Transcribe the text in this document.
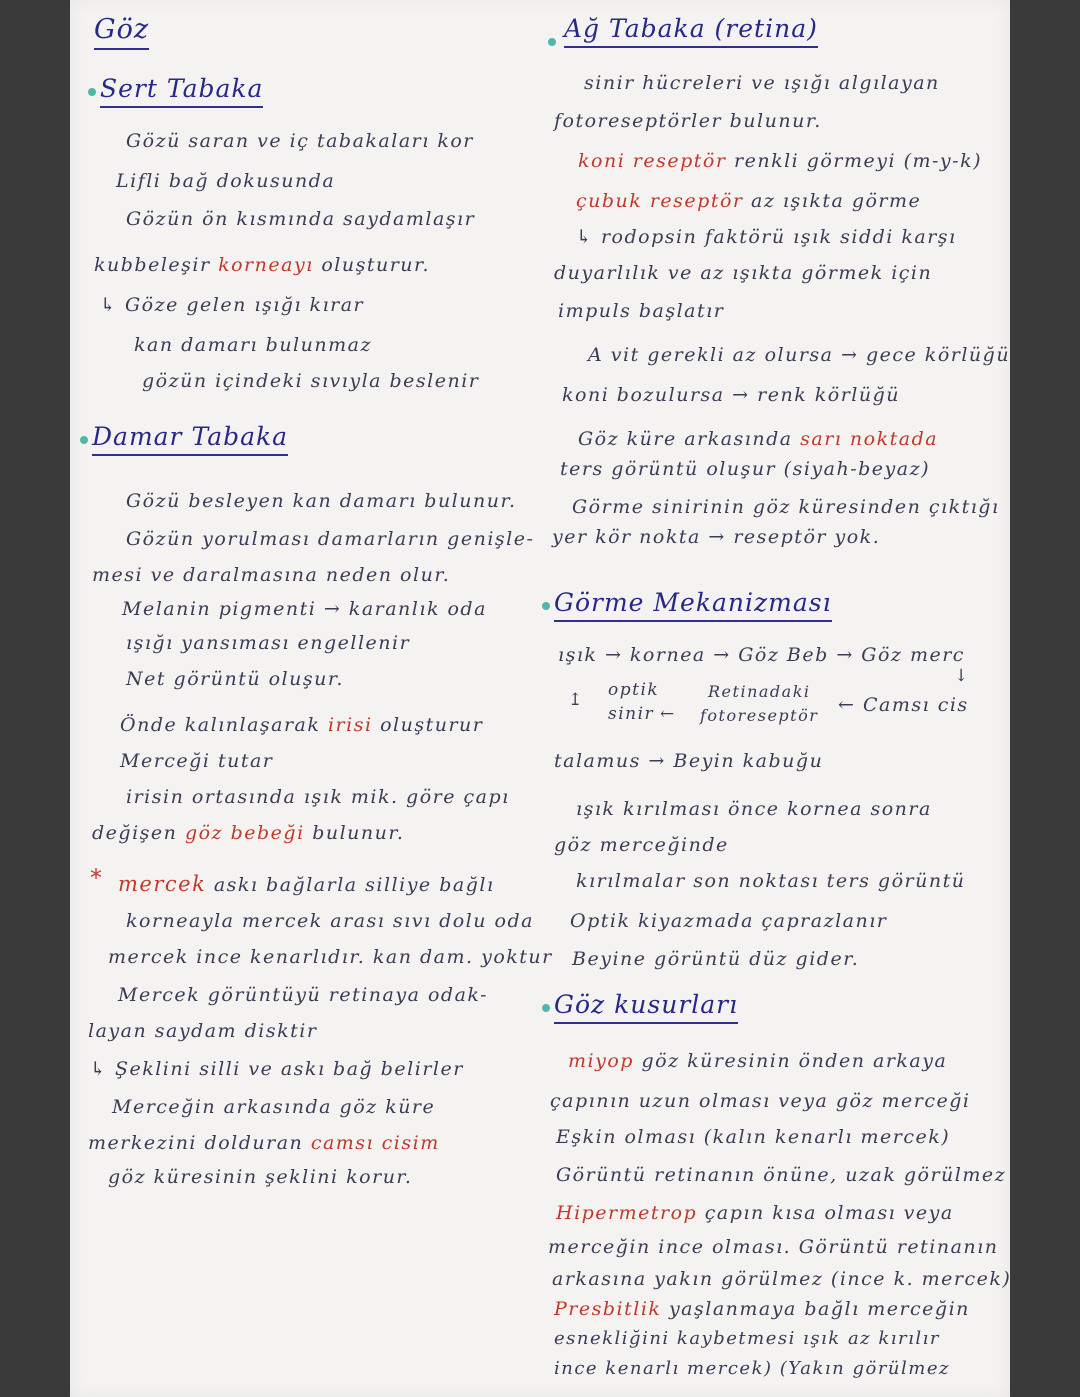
Göz
Sert Tabaka
Gözü saran ve iç tabakaları kor
Lifli bağ dokusunda
Gözün ön kısmında saydamlaşır
kubbeleşir korneayı oluşturur.
↳ Göze gelen ışığı kırar
kan damarı bulunmaz
gözün içindeki sıvıyla beslenir
Damar Tabaka
Gözü besleyen kan damarı bulunur.
Gözün yorulması damarların genişle-
mesi ve daralmasına neden olur.
Melanin pigmenti → karanlık oda
ışığı yansıması engellenir
Net görüntü oluşur.
Önde kalınlaşarak irisi oluşturur
Merceği tutar
irisin ortasında ışık mik. göre çapı
değişen göz bebeği bulunur.
* mercek askı bağlarla silliye bağlı
korneayla mercek arası sıvı dolu oda
mercek ince kenarlıdır. kan dam. yoktur
Mercek görüntüyü retinaya odak-
layan saydam disktir
↳ Şeklini silli ve askı bağ belirler
Merceğin arkasında göz küre
merkezini dolduran camsı cisim
göz küresinin şeklini korur.
Ağ Tabaka (retina)
sinir hücreleri ve ışığı algılayan
fotoreseptörler bulunur.
koni reseptör renkli görmeyi (m-y-k)
çubuk reseptör az ışıkta görme
↳ rodopsin faktörü ışık siddi karşı
duyarlılık ve az ışıkta görmek için
impuls başlatır
A vit gerekli az olursa → gece körlüğü
koni bozulursa → renk körlüğü
Göz küre arkasında sarı noktada
ters görüntü oluşur (siyah-beyaz)
Görme sinirinin göz küresinden çıktığı
yer kör nokta → reseptör yok.
Görme Mekanizması
ışık → kornea → Göz Beb → Göz merc
↥ optik
sinir ←
Retinadaki
fotoreseptör ← Camsı cis
↓
talamus → Beyin kabuğu
ışık kırılması önce kornea sonra
göz merceğinde
kırılmalar son noktası ters görüntü
Optik kiyazmada çaprazlanır
Beyine görüntü düz gider.
Göz kusurları
miyop göz küresinin önden arkaya
çapının uzun olması veya göz merceği
Eşkin olması (kalın kenarlı mercek)
Görüntü retinanın önüne, uzak görülmez
Hipermetrop çapın kısa olması veya
merceğin ince olması. Görüntü retinanın
arkasına yakın görülmez (ince k. mercek)
Presbitlik yaşlanmaya bağlı merceğin
esnekliğini kaybetmesi ışık az kırılır
ince kenarlı mercek) (Yakın görülmez
